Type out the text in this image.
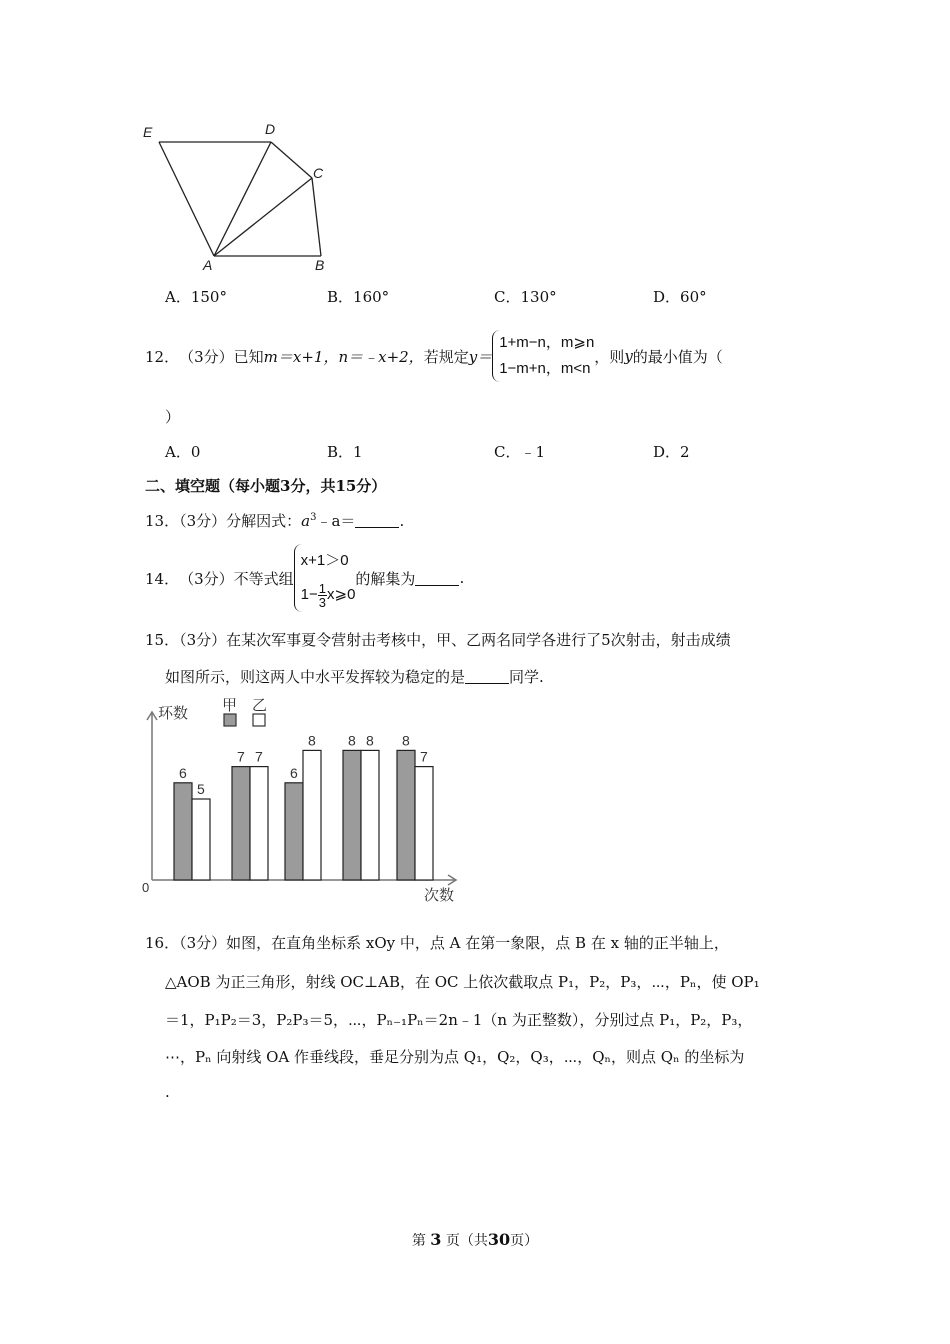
E	D
C
A	B
A．150°	B．160°	C．130°	D．60°
12． （3分） 已知 m＝x+1， n＝﹣x+2， 若规定 y＝
1+m−n，m⩾n
1−m+n，m<n
，则 y 的最小值为（
）
A．0	B．1	C．﹣1	D．2
二、填空题（每小题3分，共15分）
13．（3分）分解因式：$a^3﹣a=$	.
14． （3分） 不等式组
x+1＞0
$1- \frac{1}{3}$ x⩾0
的解集为	.
15．（3分）在某次军事夏令营射击考核中，甲、乙两名同学各进行了5次射击，射击成绩
如图所示，则这两人中水平发挥较为稳定的是	同学.
环数
次数
0
甲 乙
6
5
7 7
6
8 8 8 8
7
16．（3分）如图，在直角坐标系 xOy 中，点 A 在第一象限，点 B 在 x 轴的正半轴上，
△AOB 为正三角形，射线 OC⊥AB，在 OC 上依次截取点 P₁，P₂，P₃，⋯，Pₙ，使 OP₁
＝1，P₁P₂＝3，P₂P₃＝5，⋯，Pₙ₋₁Pₙ＝2n﹣1（n 为正整数），分别过点 P₁，P₂，P₃，
⋯，Pₙ 向射线 OA 作垂线段，垂足分别为点 Q₁，Q₂，Q₃，⋯，Qₙ，则点 Qₙ 的坐标为
.
第 3 页（共30页）
